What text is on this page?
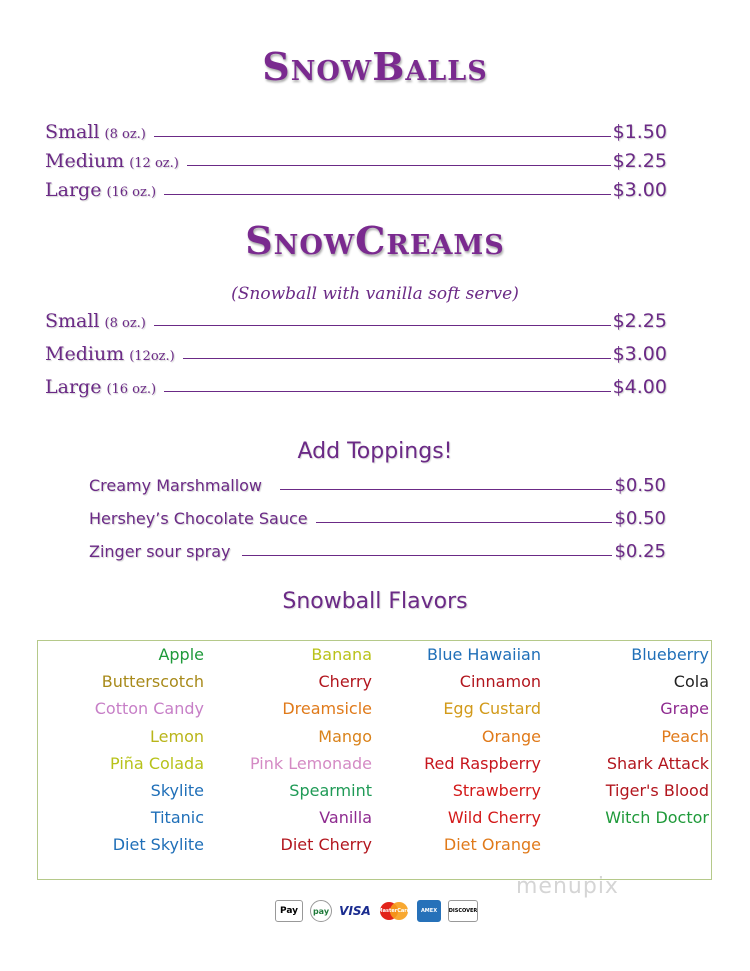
SnowBalls
Small (8 oz.)	$1.50
Medium (12 oz.)	$2.25
Large (16 oz.)	$3.00
SnowCreams
(Snowball with vanilla soft serve)
Small (8 oz.)	$2.25
Medium (12oz.)	$3.00
Large (16 oz.)	$4.00
Add Toppings!
Creamy Marshmallow	$0.50
Hershey’s Chocolate Sauce	$0.50
Zinger sour spray	$0.25
Snowball Flavors
Apple
Butterscotch
Cotton Candy
Lemon
Piña Colada
Skylite
Titanic
Diet Skylite
Banana
Cherry
Dreamsicle
Mango
Pink Lemonade
Spearmint
Vanilla
Diet Cherry
Blue Hawaiian
Cinnamon
Egg Custard
Orange
Red Raspberry
Strawberry
Wild Cherry
Diet Orange
Blueberry
Cola
Grape
Peach
Shark Attack
Tiger's Blood
Witch Doctor
menupix
Pay pay VISA MasterCard AMEX DISCOVER
